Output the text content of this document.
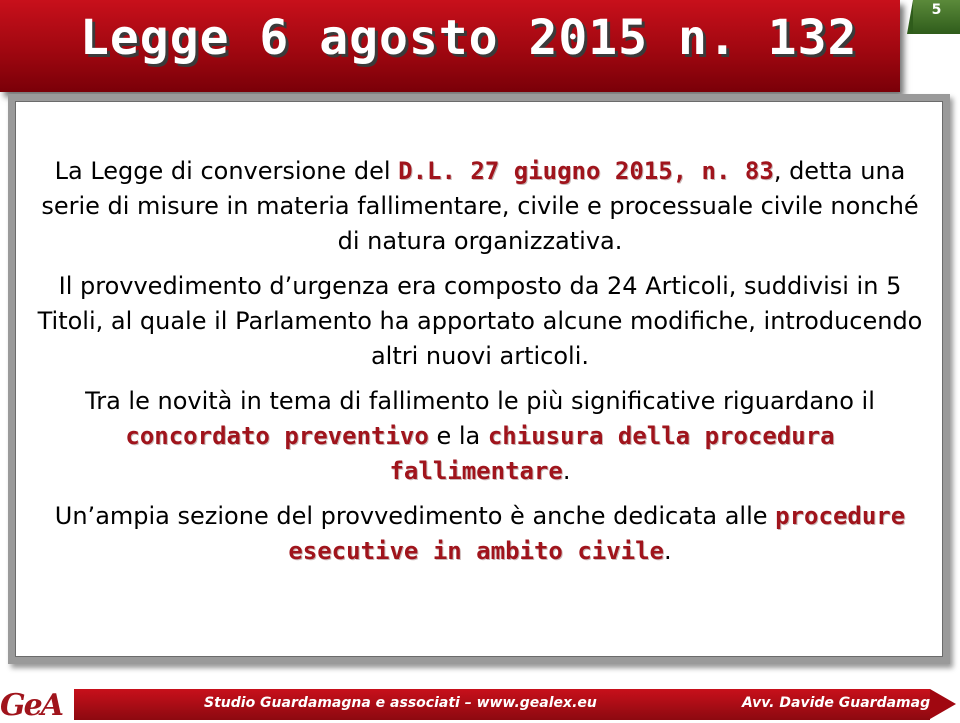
Legge 6 agosto 2015 n. 132	5

La Legge di conversione del D.L. 27 giugno 2015, n. 83, detta una serie di misure in materia fallimentare, civile e processuale civile nonché di natura organizzativa.

Il provvedimento d’urgenza era composto da 24 Articoli, suddivisi in 5 Titoli, al quale il Parlamento ha apportato alcune modifiche, introducendo altri nuovi articoli.

Tra le novità in tema di fallimento le più significative riguardano il concordato preventivo e la chiusura della procedura fallimentare.

Un’ampia sezione del provvedimento è anche dedicata alle procedure esecutive in ambito civile.

GeA	Studio Guardamagna e associati – www.gealex.eu	Avv. Davide Guardamagna
